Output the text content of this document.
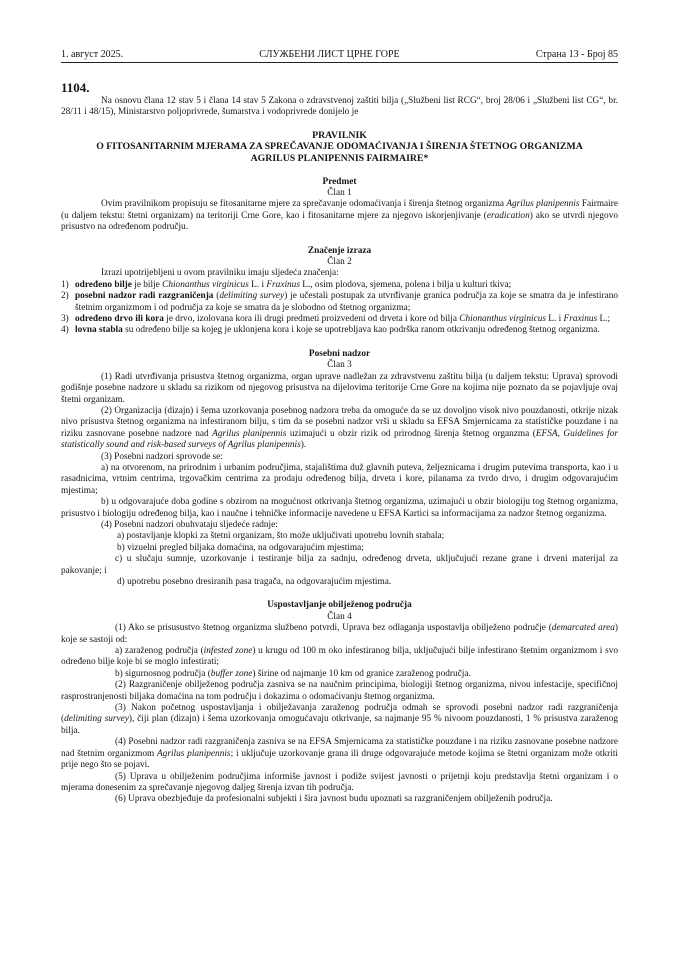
1. август 2025.	СЛУЖБЕНИ ЛИСТ ЦРНЕ ГОРЕ	Страна 13 - Број 85
1104.

Na osnovu člana 12 stav 5 i člana 14 stav 5 Zakona o zdravstvenoj zaštiti bilja („Službeni list RCG“, broj 28/06 i „Službeni list CG“, br. 28/11 i 48/15), Ministarstvo poljoprivrede, šumarstva i vodoprivrede donijelo je

PRAVILNIK
O FITOSANITARNIM MJERAMA ZA SPREČAVANJE ODOMAĆIVANJA I ŠIRENJA ŠTETNOG ORGANIZMA
AGRILUS PLANIPENNIS FAIRMAIRE*
Predmet
Član 1

Ovim pravilnikom propisuju se fitosanitarne mjere za sprečavanje odomaćivanja i širenja štetnog organizma Agrilus planipennis Fairmaire (u daljem tekstu: štetni organizam) na teritoriji Crne Gore, kao i fitosanitarne mjere za njegovo iskorjenjivanje (eradication) ako se utvrdi njegovo prisustvo na određenom području.

Značenje izraza
Član 2

Izrazi upotrijebljeni u ovom pravilniku imaju sljedeća značenja:

1) određeno bilje je bilje Chionanthus virginicus L. i Fraxinus L., osim plodova, sjemena, polena i bilja u kulturi tkiva;
2) posebni nadzor radi razgraničenja (delimiting survey) je učestali postupak za utvrđivanje granica područja za koje se smatra da je infestirano štetnim organizmom i od područja za koje se smatra da je slobodno od štetnog organizma;
3) određeno drvo ili kora je drvo, izolovana kora ili drugi predmeti proizvedeni od drveta i kore od bilja Chionanthus virginicus L. i Fraxinus L.;
4) lovna stabla su određeno bilje sa kojeg je uklonjena kora i koje se upotrebljava kao podrška ranom otkrivanju određenog štetnog organizma.
Posebni nadzor
Član 3

(1) Radi utvrđivanja prisustva štetnog organizma, organ uprave nadležan za zdravstvenu zaštitu bilja (u daljem tekstu: Uprava) sprovodi godišnje posebne nadzore u skladu sa rizikom od njegovog prisustva na dijelovima teritorije Crne Gore na kojima nije poznato da se pojavljuje ovaj štetni organizam.

(2) Organizacija (dizajn) i šema uzorkovanja posebnog nadzora treba da omoguće da se uz dovoljno visok nivo pouzdanosti, otkrije nizak nivo prisustva štetnog organizma na infestiranom bilju, s tim da se posebni nadzor vrši u skladu sa EFSA Smjernicama za statističke pouzdane i na riziku zasnovane posebne nadzore nad Agrilus planipennis uzimajući u obzir rizik od prirodnog širenja štetnog organzma (EFSA, Guidelines for statistically sound and risk-based surveys of Agrilus planipennis).

(3) Posebni nadzori sprovode se:

a) na otvorenom, na prirodnim i urbanim područjima, stajalištima duž glavnih puteva, željeznicama i drugim putevima transporta, kao i u rasadnicima, vrtnim centrima, trgovačkim centrima za prodaju određenog bilja, drveta i kore, pilanama za tvrdo drvo, i drugim odgovarajućim mjestima;

b) u odgovarajuće doba godine s obzirom na mogućnost otkrivanja štetnog organizma, uzimajući u obzir biologiju tog štetnog organizma, prisustvo i biologiju određenog bilja, kao i naučne i tehničke informacije navedene u EFSA Kartici sa informacijama za nadzor štetnog organizma.

(4) Posebni nadzori obuhvataju sljedeće radnje:

a) postavljanje klopki za štetni organizam, što može uključivati upotrebu lovnih stabala;

b) vizuelni pregled bilјaka domaćina, na odgovarajućim mjestima;

c) u slučaju sumnje, uzorkovanje i testiranje bilja za sadnju, određenog drveta, uključujući rezane grane i drveni materijal za pakovanje; i

d) upotrebu posebno dresiranih pasa tragača, na odgovarajućim mjestima.

Uspostavljanje obilježenog područja
Član 4

(1) Ako se prisusustvo štetnog organizma službeno potvrdi, Uprava bez odlaganja uspostavlja obilježeno područje (demarcated area) koje se sastoji od:

a) zaraženog područja (infested zone) u krugu od 100 m oko infestiranog bilja, uključujući bilje infestirano štetnim organizmom i svo određeno bilje koje bi se moglo infestirati;

b) sigurnosnog područja (buffer zone) širine od najmanje 10 km od granice zaraženog područja.

(2) Razgraničenje obilježenog područja zasniva se na naučnim principima, biologiji štetnog organizma, nivou infestacije, specifičnoj rasprostranjenosti biljaka domaćina na tom području i dokazima o odomaćivanju štetnog organizma.

(3) Nakon početnog uspostavljanja i obilježavanja zaraženog područja odmah se sprovodi posebni nadzor radi razgraničenja (delimiting survey), čiji plan (dizajn) i šema uzorkovanja omogućavaju otkrivanje, sa najmanje 95 % nivoom pouzdanosti, 1 % prisustva zaraženog bilja.

(4) Posebni nadzor radi razgraničenja zasniva se na EFSA Smjernicama za statističke pouzdane i na riziku zasnovane posebne nadzore nad štetnim organizmom Agrilus planipennis; i uključuje uzorkovanje grana ili druge odgovarajuće metode kojima se štetni organizam može otkriti prije nego što se pojavi.

(5) Uprava u obilježenim područjima informiše javnost i podiže svijest javnosti o prijetnji koju predstavlja štetni organizam i o mjerama donesenim za sprečavanje njegovog daljeg širenja izvan tih područja.

(6) Uprava obezbjeđuje da profesionalni subjekti i šira javnost budu upoznati sa razgraničenjem obilježenih područja.
